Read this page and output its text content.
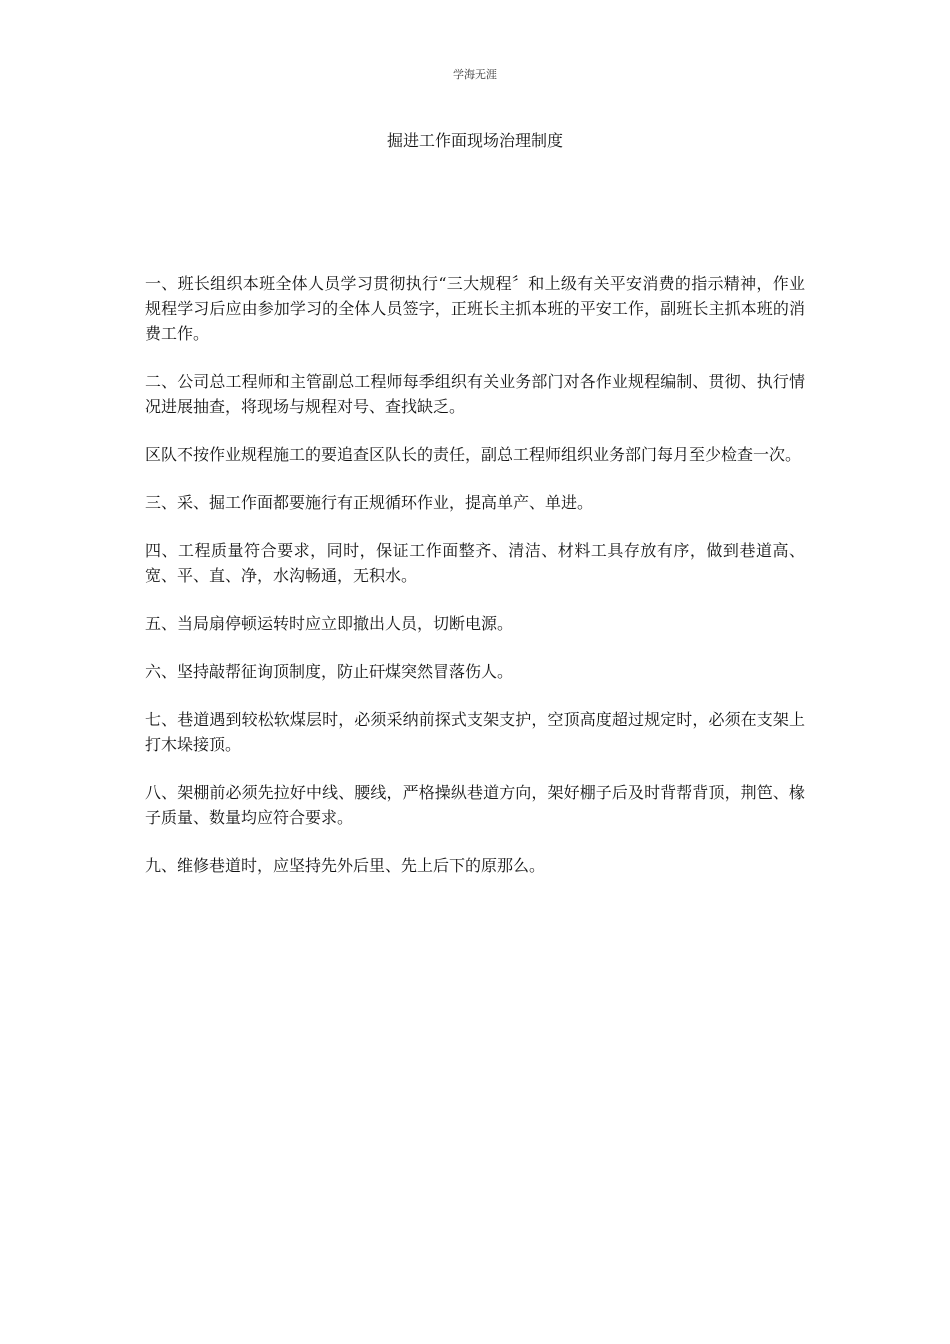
学海无涯
掘进工作面现场治理制度

一、班长组织本班全体人员学习贯彻执行“三大规程〞和上级有关平安消费的指示精神，作业规程学习后应由参加学习的全体人员签字，正班长主抓本班的平安工作，副班长主抓本班的消费工作。

二、公司总工程师和主管副总工程师每季组织有关业务部门对各作业规程编制、贯彻、执行情况进展抽查，将现场与规程对号、查找缺乏。

区队不按作业规程施工的要追查区队长的责任，副总工程师组织业务部门每月至少检查一次。

三、采、掘工作面都要施行有正规循环作业，提高单产、单进。

四、工程质量符合要求，同时，保证工作面整齐、清洁、材料工具存放有序，做到巷道高、宽、平、直、净，水沟畅通，无积水。

五、当局扇停顿运转时应立即撤出人员，切断电源。

六、坚持敲帮征询顶制度，防止矸煤突然冒落伤人。

七、巷道遇到较松软煤层时，必须采纳前探式支架支护，空顶高度超过规定时，必须在支架上打木垛接顶。

八、架棚前必须先拉好中线、腰线，严格操纵巷道方向，架好棚子后及时背帮背顶，荆笆、椽子质量、数量均应符合要求。

九、维修巷道时，应坚持先外后里、先上后下的原那么。
